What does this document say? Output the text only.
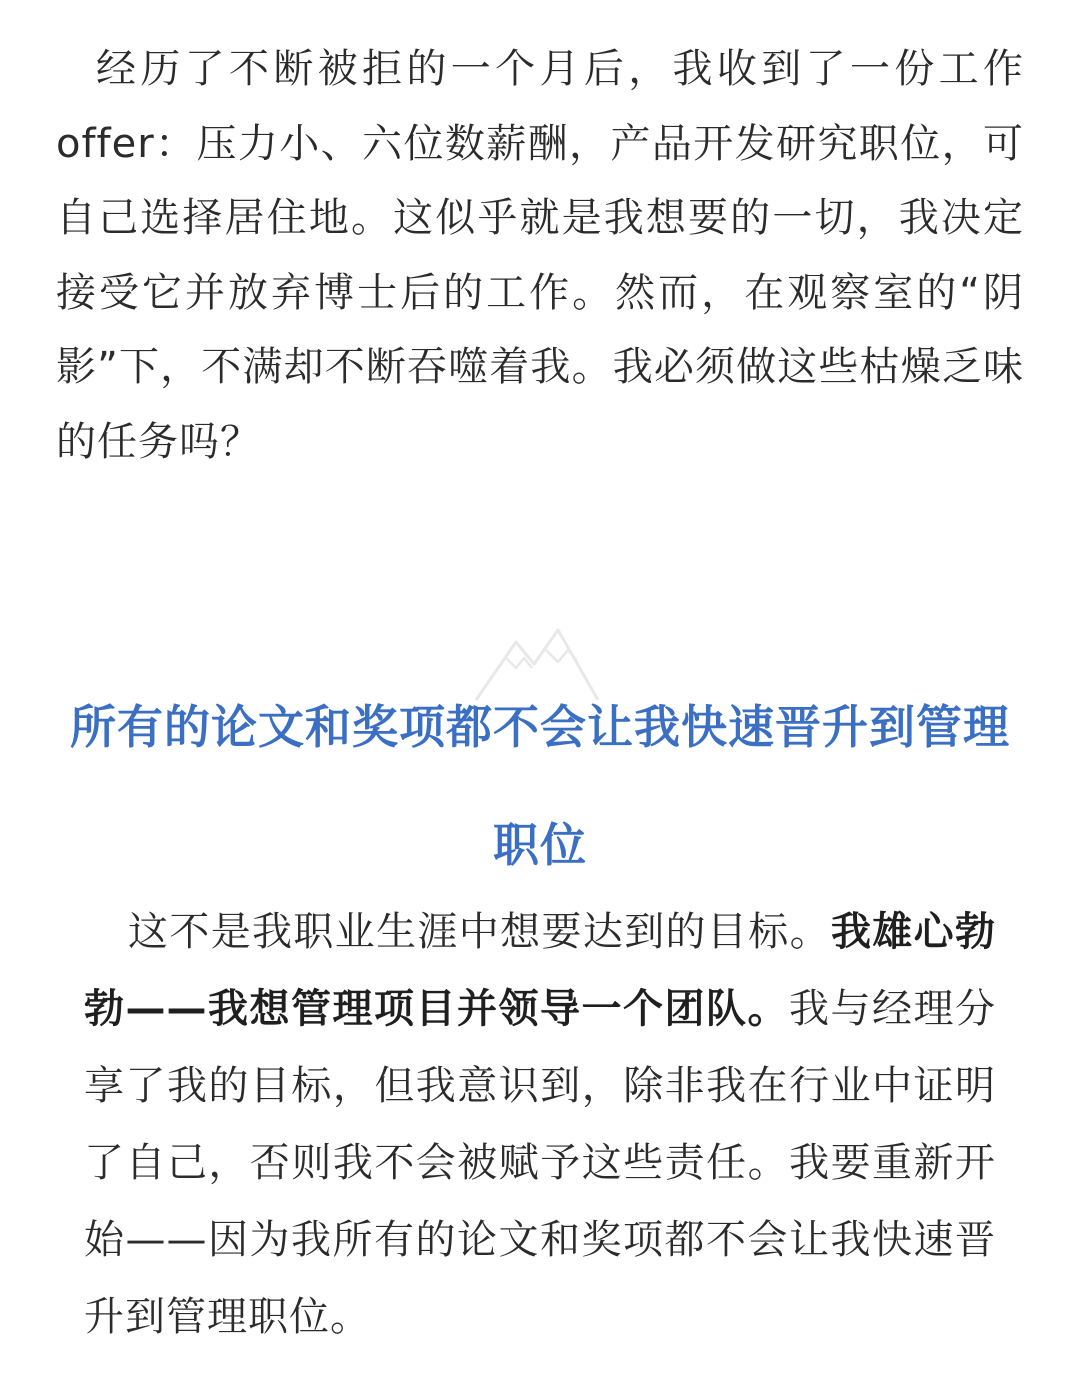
经历了不断被拒的一个月后，我收到了一份工作offer：压力小、六位数薪酬，产品开发研究职位，可自己选择居住地。这似乎就是我想要的一切，我决定接受它并放弃博士后的工作。然而，在观察室的“阴影”下，不满却不断吞噬着我。我必须做这些枯燥乏味的任务吗？

所有的论文和奖项都不会让我快速晋升到管理职位

这不是我职业生涯中想要达到的目标。我雄心勃勃——我想管理项目并领导一个团队。我与经理分享了我的目标，但我意识到，除非我在行业中证明了自己，否则我不会被赋予这些责任。我要重新开始——因为我所有的论文和奖项都不会让我快速晋升到管理职位。
